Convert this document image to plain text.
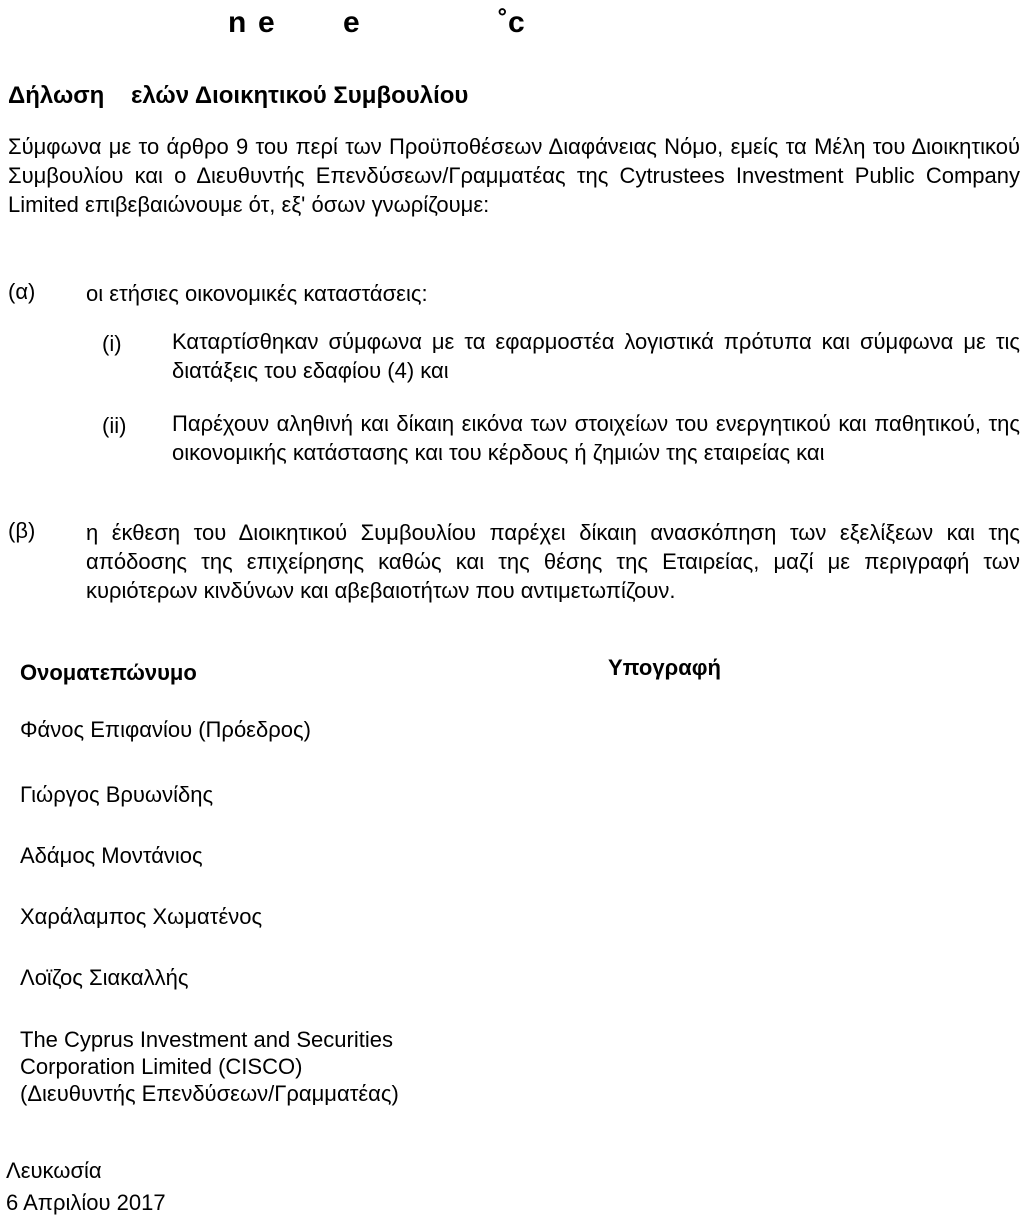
n e e	˚c
Δήλωση    ελών Διοικητικού Συμβουλίου
Σύμφωνα με το άρθρο 9 του περί των Προϋποθέσεων Διαφάνειας Νόμο, εμείς τα Μέλη του Διοικητικού Συμβουλίου και ο Διευθυντής Επενδύσεων/Γραμματέας της Cytrustees Investment Public Company Limited επιβεβαιώνουμε ότ, εξ' όσων γνωρίζουμε:
(α) οι ετήσιες οικονομικές καταστάσεις:
(i) Καταρτίσθηκαν σύμφωνα με τα εφαρμοστέα λογιστικά πρότυπα και σύμφωνα με τις διατάξεις του εδαφίου (4) και
(ii) Παρέχουν αληθινή και δίκαιη εικόνα των στοιχείων του ενεργητικού και παθητικού, της οικονομικής κατάστασης και του κέρδους ή ζημιών της εταιρείας και
(β) η έκθεση του Διοικητικού Συμβουλίου παρέχει δίκαιη ανασκόπηση των εξελίξεων και της απόδοσης της επιχείρησης καθώς και της θέσης της Εταιρείας, μαζί με περιγραφή των κυριότερων κινδύνων και αβεβαιοτήτων που αντιμετωπίζουν.
Ονοματεπώνυμο	Υπογραφή
Φάνος Επιφανίου (Πρόεδρος)
Γιώργος Βρυωνίδης
Αδάμος Μοντάνιος
Χαράλαμπος Χωματένος
Λοϊζος Σιακαλλής
The Cyprus Investment and Securities
Corporation Limited (CISCO)
(Διευθυντής Επενδύσεων/Γραμματέας)
Λευκωσία
6 Απριλίου 2017
